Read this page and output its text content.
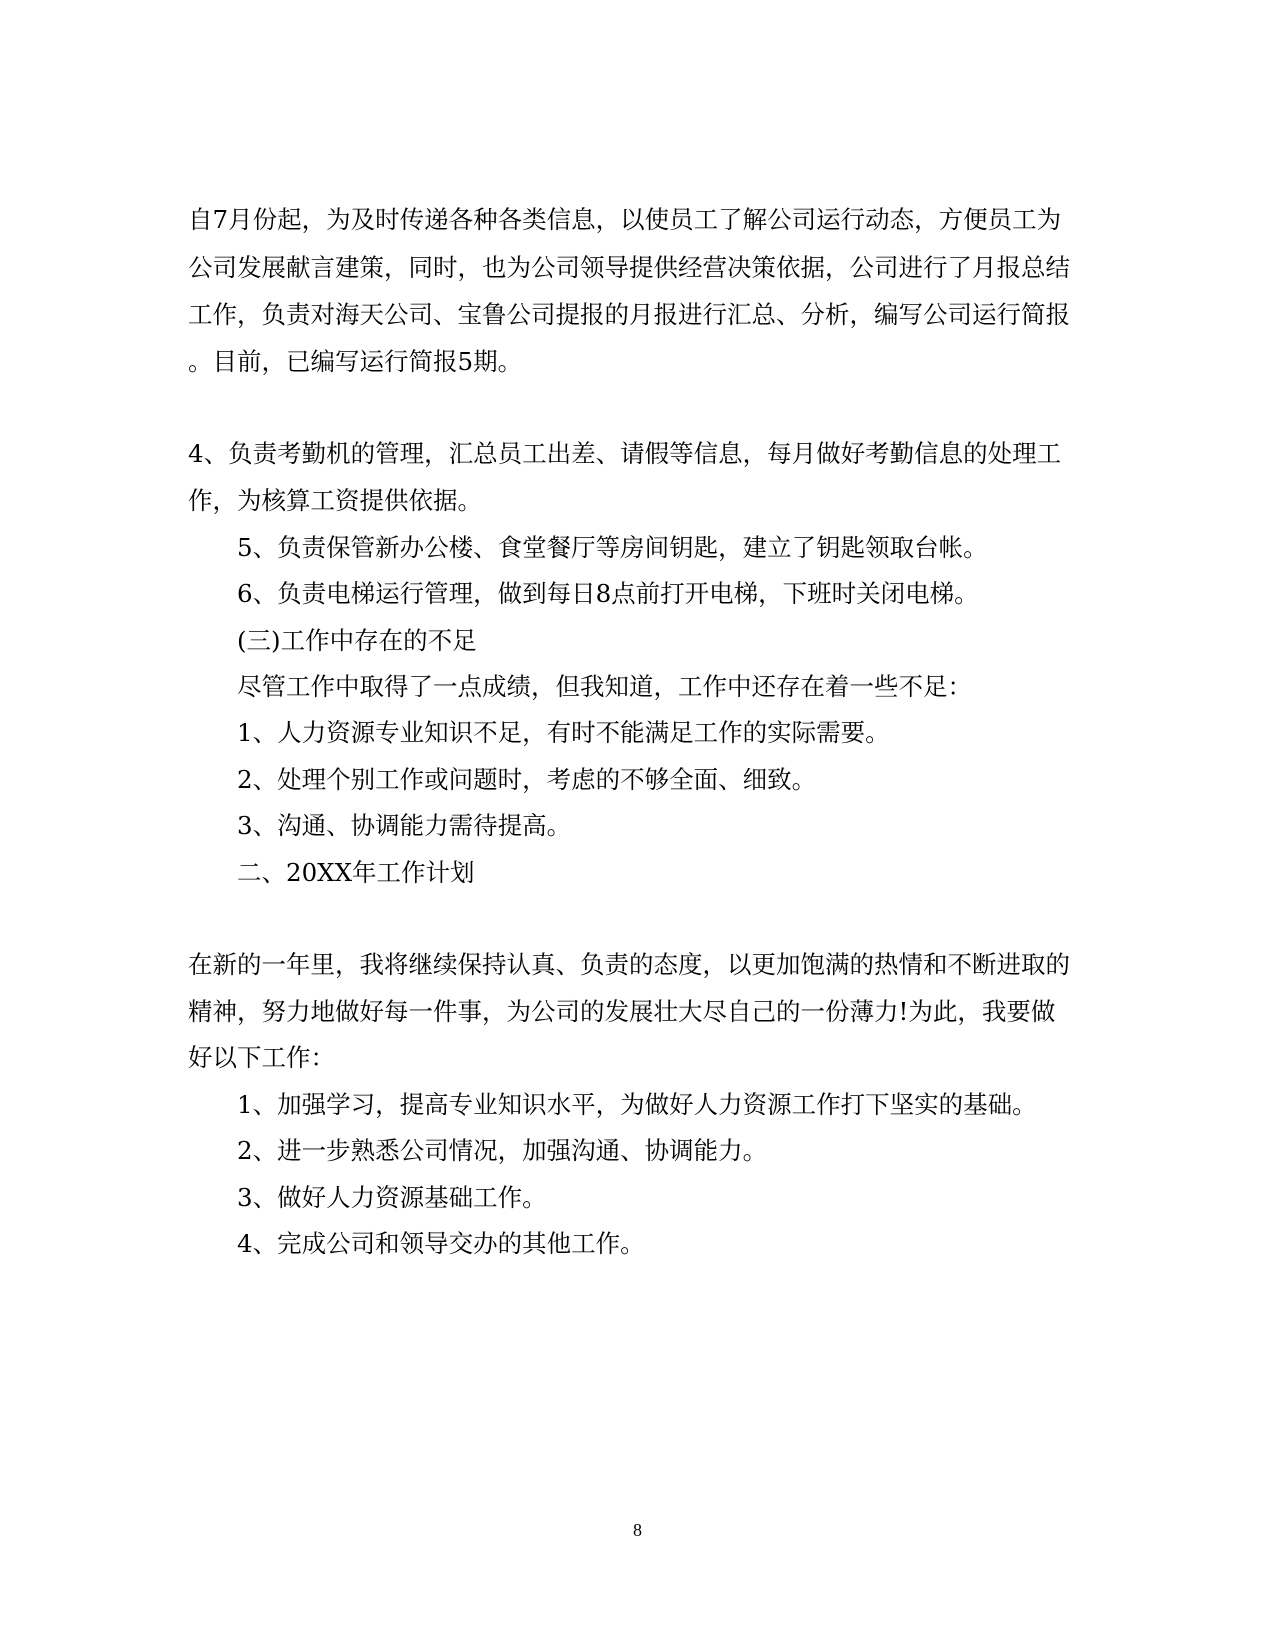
自7月份起，为及时传递各种各类信息，以使员工了解公司运行动态，方便员工为

公司发展献言建策，同时，也为公司领导提供经营决策依据，公司进行了月报总结

工作，负责对海天公司、宝鲁公司提报的月报进行汇总、分析，编写公司运行简报

。目前，已编写运行简报5期。

4、负责考勤机的管理，汇总员工出差、请假等信息，每月做好考勤信息的处理工

作，为核算工资提供依据。

5、负责保管新办公楼、食堂餐厅等房间钥匙，建立了钥匙领取台帐。

6、负责电梯运行管理，做到每日8点前打开电梯，下班时关闭电梯。

(三)工作中存在的不足

尽管工作中取得了一点成绩，但我知道，工作中还存在着一些不足：

1、人力资源专业知识不足，有时不能满足工作的实际需要。

2、处理个别工作或问题时，考虑的不够全面、细致。

3、沟通、协调能力需待提高。

二、20XX年工作计划

在新的一年里，我将继续保持认真、负责的态度，以更加饱满的热情和不断进取的

精神，努力地做好每一件事，为公司的发展壮大尽自己的一份薄力!为此，我要做

好以下工作：

1、加强学习，提高专业知识水平，为做好人力资源工作打下坚实的基础。

2、进一步熟悉公司情况，加强沟通、协调能力。

3、做好人力资源基础工作。

4、完成公司和领导交办的其他工作。

8
